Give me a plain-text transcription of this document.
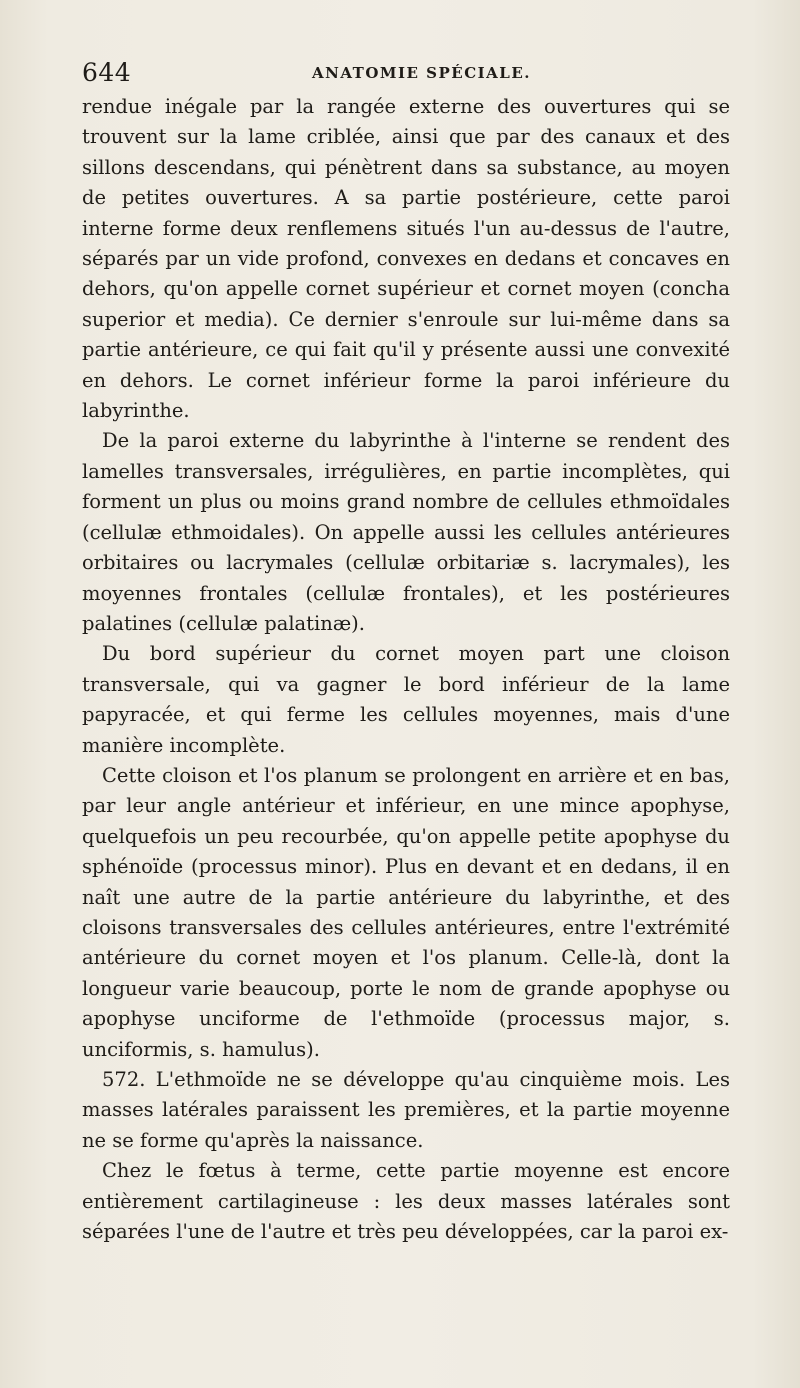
644	ANATOMIE SPÉCIALE.

rendue inégale par la rangée externe des ouvertures qui se trouvent sur la lame criblée, ainsi que par des canaux et des sillons descendans, qui pénètrent dans sa substance, au moyen de petites ouvertures. A sa partie postérieure, cette paroi interne forme deux renflemens situés l'un au-dessus de l'autre, séparés par un vide profond, convexes en dedans et concaves en dehors, qu'on appelle cornet supérieur et cornet moyen (concha superior et media). Ce dernier s'enroule sur lui-même dans sa partie antérieure, ce qui fait qu'il y présente aussi une convexité en dehors. Le cornet inférieur forme la paroi inférieure du labyrinthe.

De la paroi externe du labyrinthe à l'interne se rendent des lamelles transversales, irrégulières, en partie incomplètes, qui forment un plus ou moins grand nombre de cellules ethmoïdales (cellulæ ethmoidales). On appelle aussi les cellules antérieures orbitaires ou lacrymales (cellulæ orbitariæ s. lacrymales), les moyennes frontales (cellulæ frontales), et les postérieures palatines (cellulæ palatinæ).

Du bord supérieur du cornet moyen part une cloison transversale, qui va gagner le bord inférieur de la lame papyracée, et qui ferme les cellules moyennes, mais d'une manière incomplète.

Cette cloison et l'os planum se prolongent en arrière et en bas, par leur angle antérieur et inférieur, en une mince apophyse, quelquefois un peu recourbée, qu'on appelle petite apophyse du sphénoïde (processus minor). Plus en devant et en dedans, il en naît une autre de la partie antérieure du labyrinthe, et des cloisons transversales des cellules antérieures, entre l'extrémité antérieure du cornet moyen et l'os planum. Celle-là, dont la longueur varie beaucoup, porte le nom de grande apophyse ou apophyse unciforme de l'ethmoïde (processus major, s. unciformis, s. hamulus).

572. L'ethmoïde ne se développe qu'au cinquième mois. Les masses latérales paraissent les premières, et la partie moyenne ne se forme qu'après la naissance.

Chez le fœtus à terme, cette partie moyenne est encore entièrement cartilagineuse : les deux masses latérales sont séparées l'une de l'autre et très peu développées, car la paroi ex-
